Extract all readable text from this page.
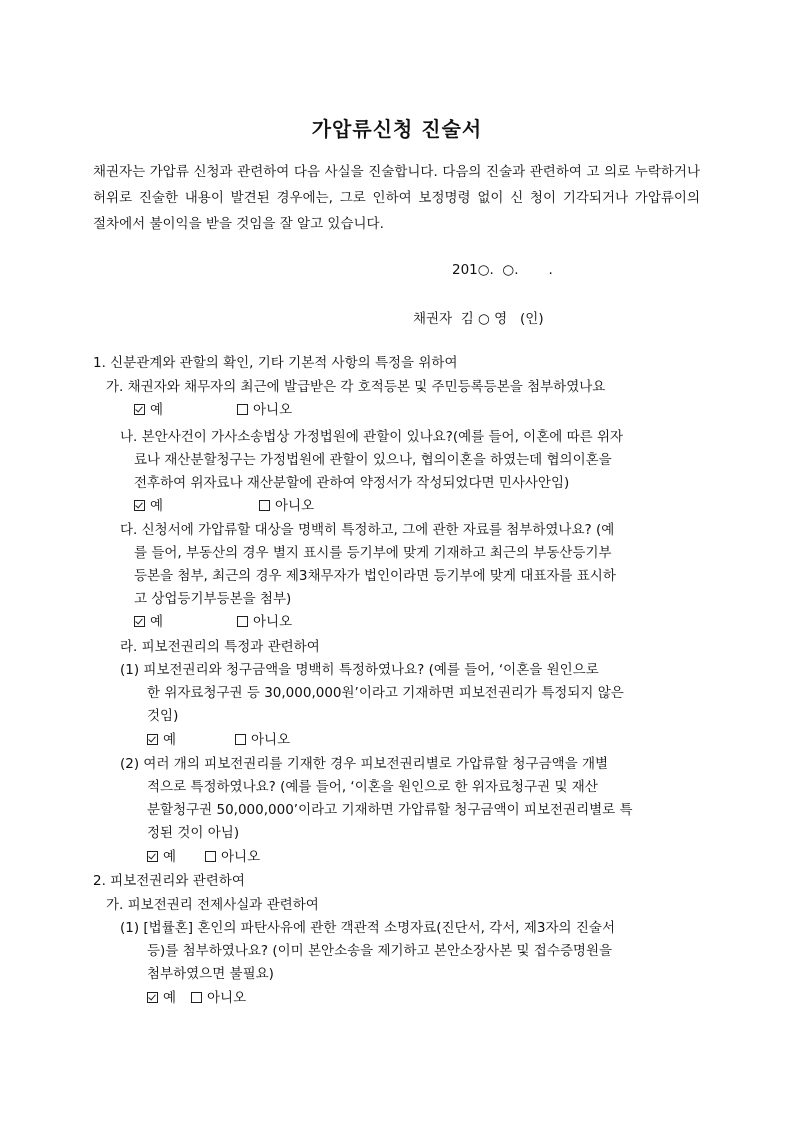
가압류신청 진술서
채권자는 가압류 신청과 관련하여 다음 사실을 진술합니다. 다음의 진술과 관련하여 고 의로 누락하거나 허위로 진술한 내용이 발견된 경우에는, 그로 인하여 보정명령 없이 신 청이 기각되거나 가압류이의 절차에서 불이익을 받을 것임을 잘 알고 있습니다.
201○.  ○.       .
채권자  김 ○ 영   (인)
1. 신분관계와 관할의 확인, 기타 기본적 사항의 특정을 위하여
가. 채권자와 채무자의 최근에 발급받은 각 호적등본 및 주민등록등본을 첨부하였나요
예	아니오
나. 본안사건이 가사소송법상 가정법원에 관할이 있나요?(예를 들어, 이혼에 따른 위자
료나 재산분할청구는 가정법원에 관할이 있으나, 협의이혼을 하였는데 협의이혼을
전후하여 위자료나 재산분할에 관하여 약정서가 작성되었다면 민사사안임)
예	아니오
다. 신청서에 가압류할 대상을 명백히 특정하고, 그에 관한 자료를 첨부하였나요? (예
를 들어, 부동산의 경우 별지 표시를 등기부에 맞게 기재하고 최근의 부동산등기부
등본을 첨부, 최근의 경우 제3채무자가 법인이라면 등기부에 맞게 대표자를 표시하
고 상업등기부등본을 첨부)
예	아니오
라. 피보전권리의 특정과 관련하여
(1) 피보전권리와 청구금액을 명백히 특정하였나요? (예를 들어, ‘이혼을 원인으로
한 위자료청구권 등 30,000,000원’이라고 기재하면 피보전권리가 특정되지 않은
것임)
예	아니오
(2) 여러 개의 피보전권리를 기재한 경우 피보전권리별로 가압류할 청구금액을 개별
적으로 특정하였나요? (예를 들어, ‘이혼을 원인으로 한 위자료청구권 및 재산
분할청구권 50,000,000’이라고 기재하면 가압류할 청구금액이 피보전권리별로 특
정된 것이 아님)
예	아니오
2. 피보전권리와 관련하여
가. 피보전권리 전제사실과 관련하여
(1) [법률혼] 혼인의 파탄사유에 관한 객관적 소명자료(진단서, 각서, 제3자의 진술서
등)를 첨부하였나요? (이미 본안소송을 제기하고 본안소장사본 및 접수증명원을
첨부하였으면 불필요)
예 아니오
